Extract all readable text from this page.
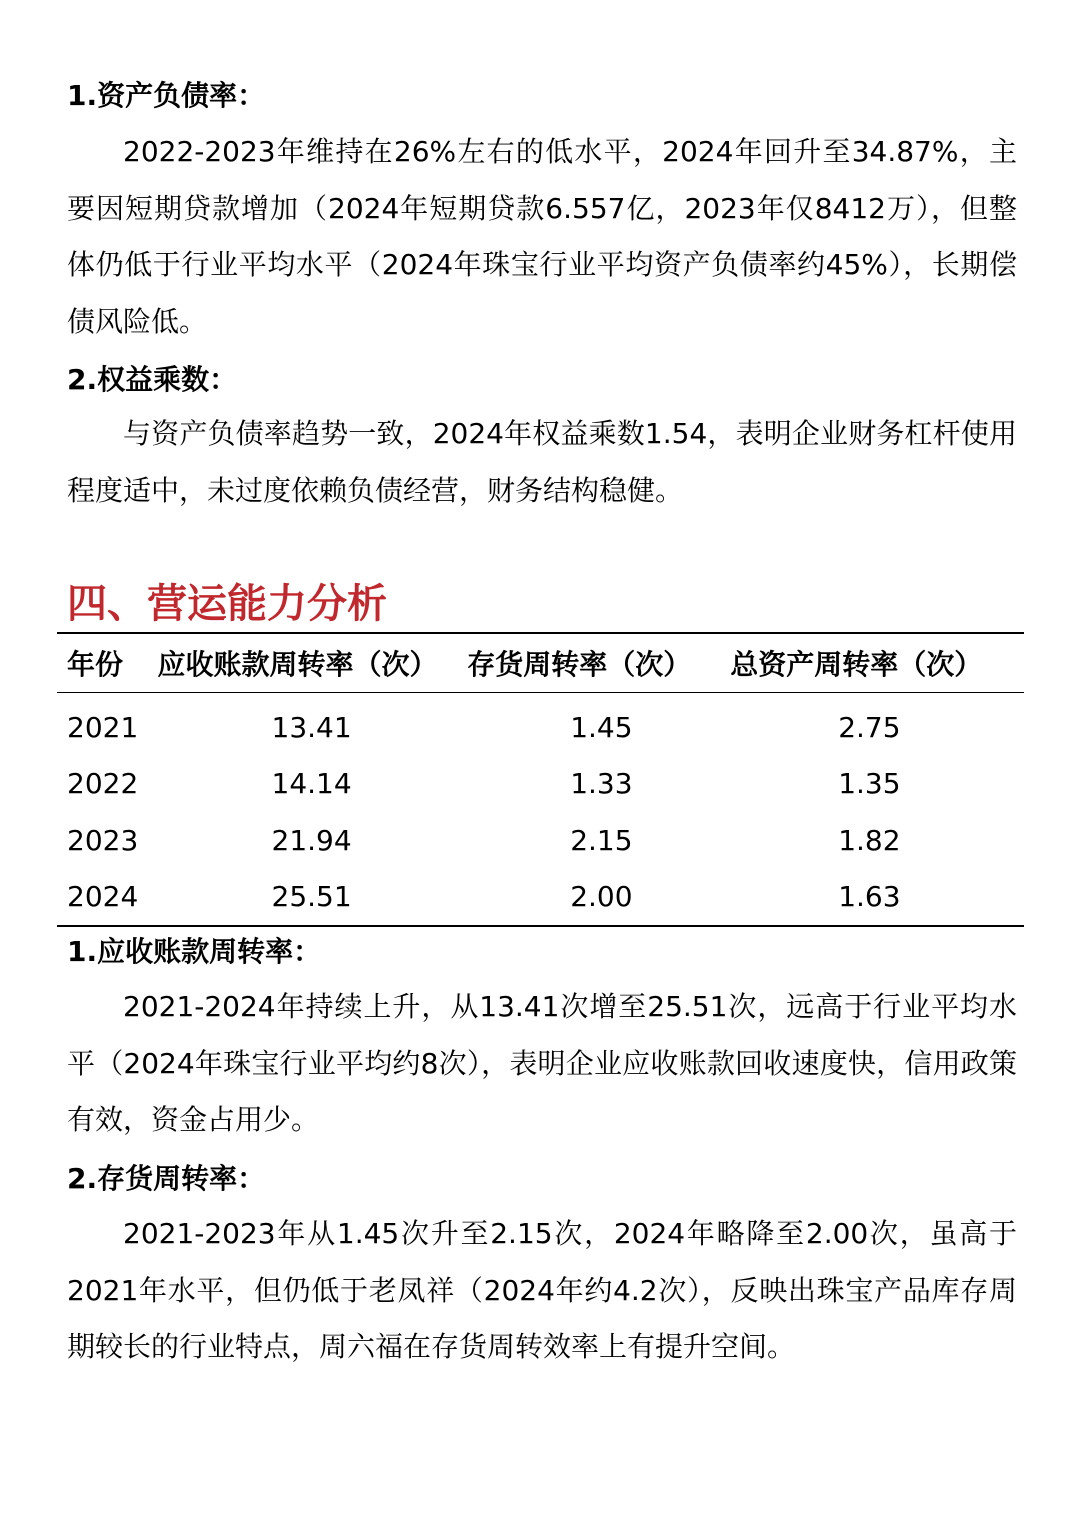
1.资产负债率：

2022-2023年维持在26%左右的低水平，2024年回升至34.87%，主要因短期贷款增加（2024年短期贷款6.557亿，2023年仅8412万），但整体仍低于行业平均水平（2024年珠宝行业平均资产负债率约45%），长期偿债风险低。

2.权益乘数：

与资产负债率趋势一致，2024年权益乘数1.54，表明企业财务杠杆使用程度适中，未过度依赖负债经营，财务结构稳健。

四、营运能力分析
年份	应收账款周转率（次）	存货周转率（次）	总资产周转率（次）
2021	13.41	1.45	2.75
2022	14.14	1.33	1.35
2023	21.94	2.15	1.82
2024	25.51	2.00	1.63
1.应收账款周转率：

2021-2024年持续上升，从13.41次增至25.51次，远高于行业平均水平（2024年珠宝行业平均约8次），表明企业应收账款回收速度快，信用政策有效，资金占用少。

2.存货周转率：

2021-2023年从1.45次升至2.15次，2024年略降至2.00次，虽高于2021年水平，但仍低于老凤祥（2024年约4.2次），反映出珠宝产品库存周期较长的行业特点，周六福在存货周转效率上有提升空间。
